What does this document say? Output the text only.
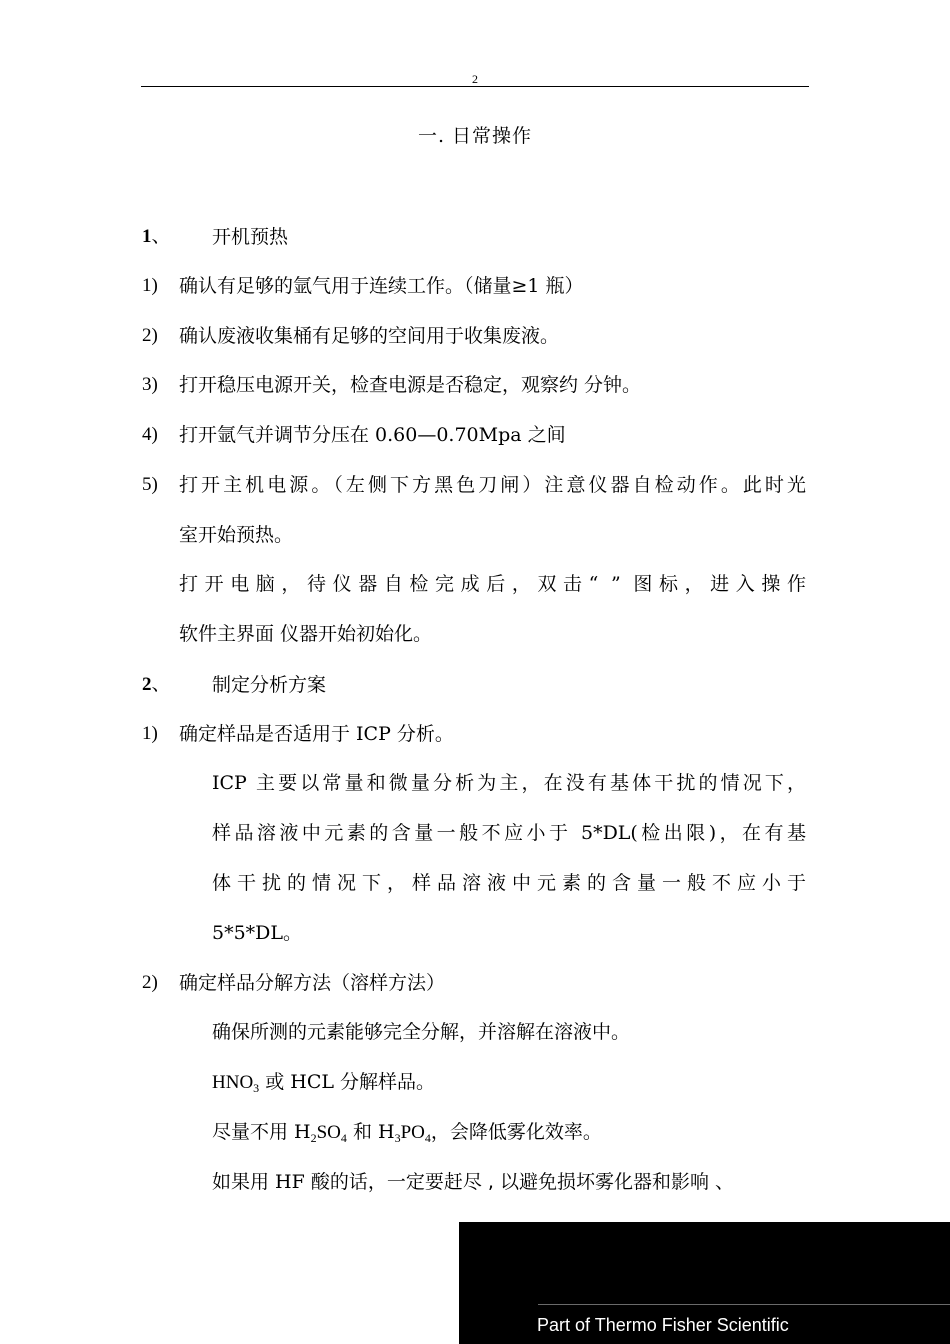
2
一. 日常操作
1、 开机预热
1) 确认有足够的氩气用于连续工作。（储量≥1 瓶）
2) 确认废液收集桶有足够的空间用于收集废液。
3) 打开稳压电源开关，检查电源是否稳定，观察约 分钟。
4) 打开氩气并调节分压在 0.60—0.70Mpa 之间
5) 打开主机电源。（左侧下方黑色刀闸）注意仪器自检动作。此时光
室开始预热。
打开电脑，待仪器自检完成后，双击“ ” 图标，进入操作
软件主界面 仪器开始初始化。
2、 制定分析方案
1) 确定样品是否适用于 ICP 分析。
ICP 主要以常量和微量分析为主，在没有基体干扰的情况下，
样品溶液中元素的含量一般不应小于 5*DL(检出限)，在有基
体干扰的情况下，样品溶液中元素的含量一般不应小于
5*5*DL。
2) 确定样品分解方法（溶样方法）
确保所测的元素能够完全分解，并溶解在溶液中。
$HNO_3$ 或 HCL 分解样品。
尽量不用 $H_2SO_4$ 和 $H_3PO_4$，会降低雾化效率。
如果用 HF 酸的话，一定要赶尽 , 以避免损坏雾化器和影响 、
Part of Thermo Fisher Scientific
